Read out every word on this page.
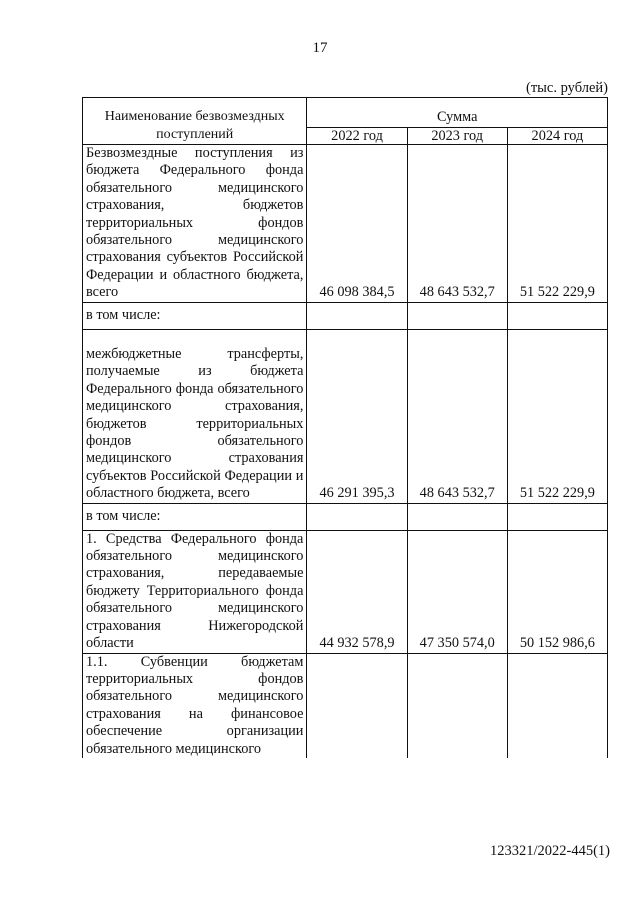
17
(тыс. рублей)
Наименование безвозмездных поступлений	Сумма		
	2022 год	2023 год	2024 год
Безвозмездные поступления из бюджета Федерального фонда обязательного медицинского страхования, бюджетов территориальных фондов обязательного медицинского страхования субъектов Российской Федерации и областного бюджета, всего	46 098 384,5	48 643 532,7	51 522 229,9
в том числе:			
межбюджетные трансферты, получаемые из бюджета Федерального фонда обязательного медицинского страхования, бюджетов территориальных фондов обязательного медицинского страхования субъектов Российской Федерации и областного бюджета, всего	46 291 395,3	48 643 532,7	51 522 229,9
в том числе:			
1. Средства Федерального фонда обязательного медицинского страхования, передаваемые бюджету Территориального фонда обязательного медицинского страхования Нижегородской области	44 932 578,9	47 350 574,0	50 152 986,6
1.1. Субвенции бюджетам территориальных фондов обязательного медицинского страхования на финансовое обеспечение организации обязательного медицинского			
123321/2022-445(1)
